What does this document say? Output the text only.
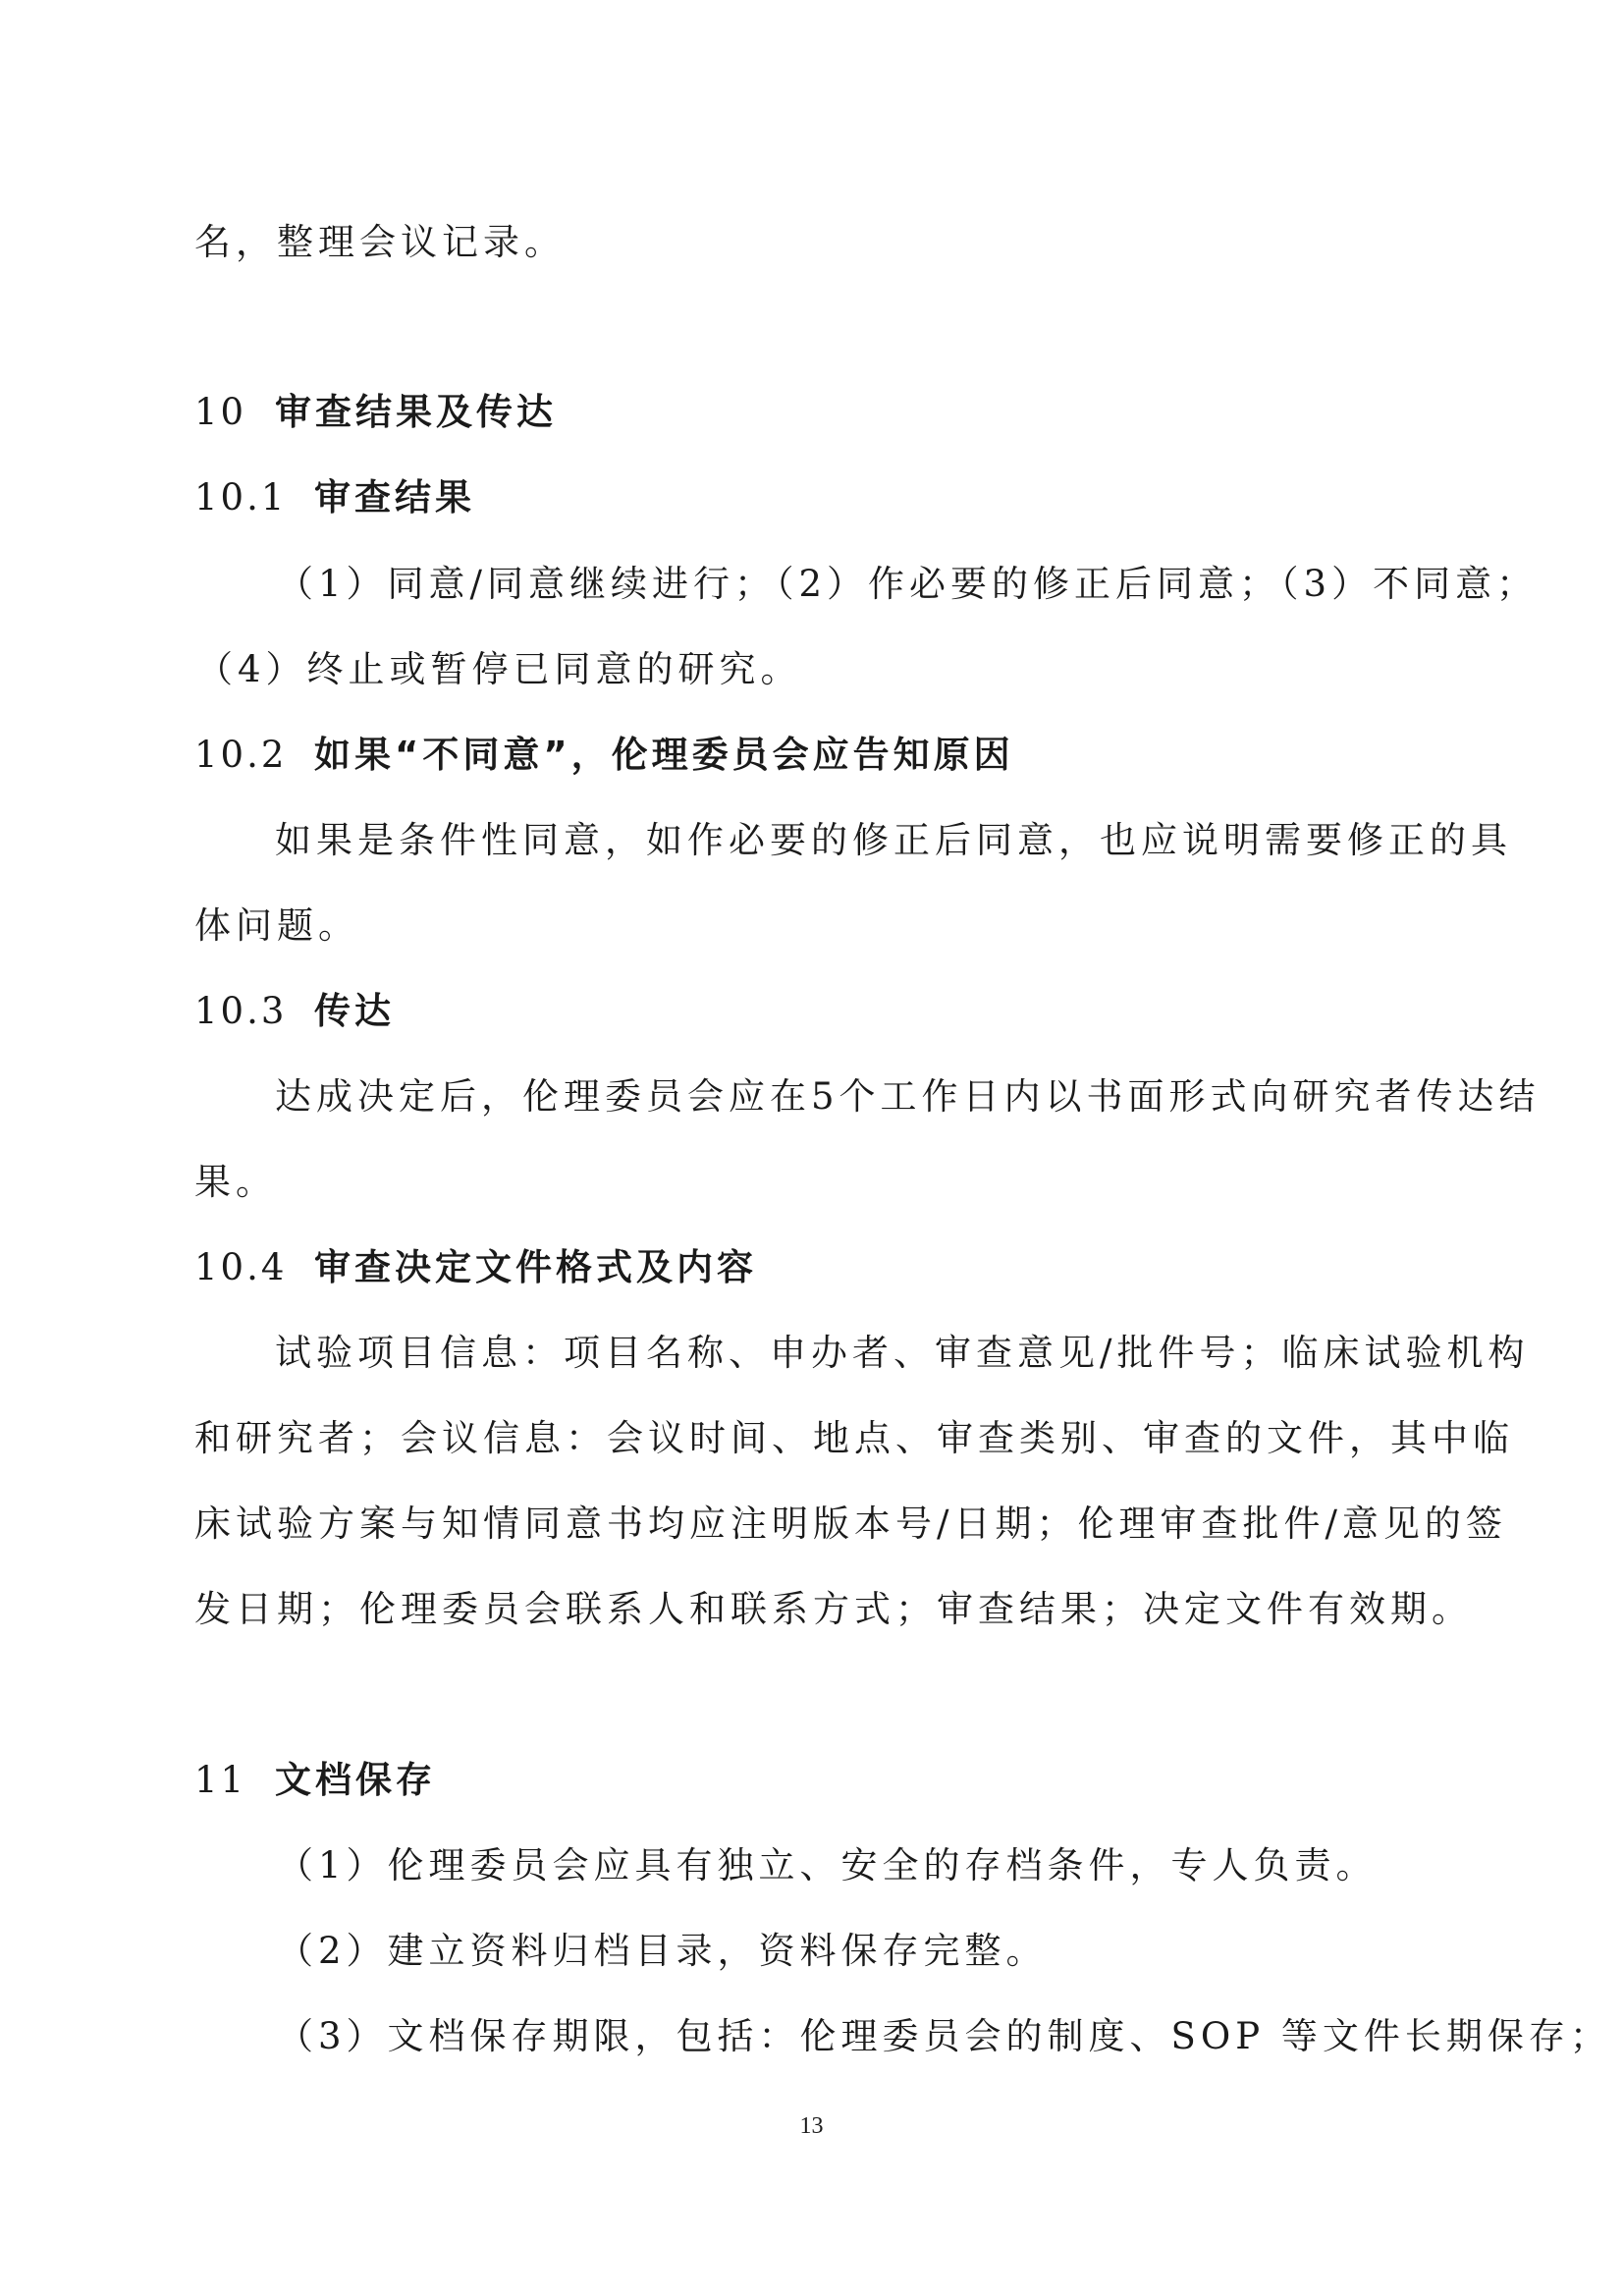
名，整理会议记录。
10 审查结果及传达
10.1 审查结果
（1）同意/同意继续进行；（2）作必要的修正后同意；（3）不同意；
（4）终止或暂停已同意的研究。
10.2 如果“不同意”，伦理委员会应告知原因
如果是条件性同意，如作必要的修正后同意，也应说明需要修正的具
体问题。
10.3 传达
达成决定后，伦理委员会应在5个工作日内以书面形式向研究者传达结
果。
10.4 审查决定文件格式及内容
试验项目信息：项目名称、申办者、审查意见/批件号；临床试验机构
和研究者；会议信息：会议时间、地点、审查类别、审查的文件，其中临
床试验方案与知情同意书均应注明版本号/日期；伦理审查批件/意见的签
发日期；伦理委员会联系人和联系方式；审查结果；决定文件有效期。
11 文档保存
（1）伦理委员会应具有独立、安全的存档条件，专人负责。
（2）建立资料归档目录，资料保存完整。
（3）文档保存期限，包括：伦理委员会的制度、SOP 等文件长期保存；
13
